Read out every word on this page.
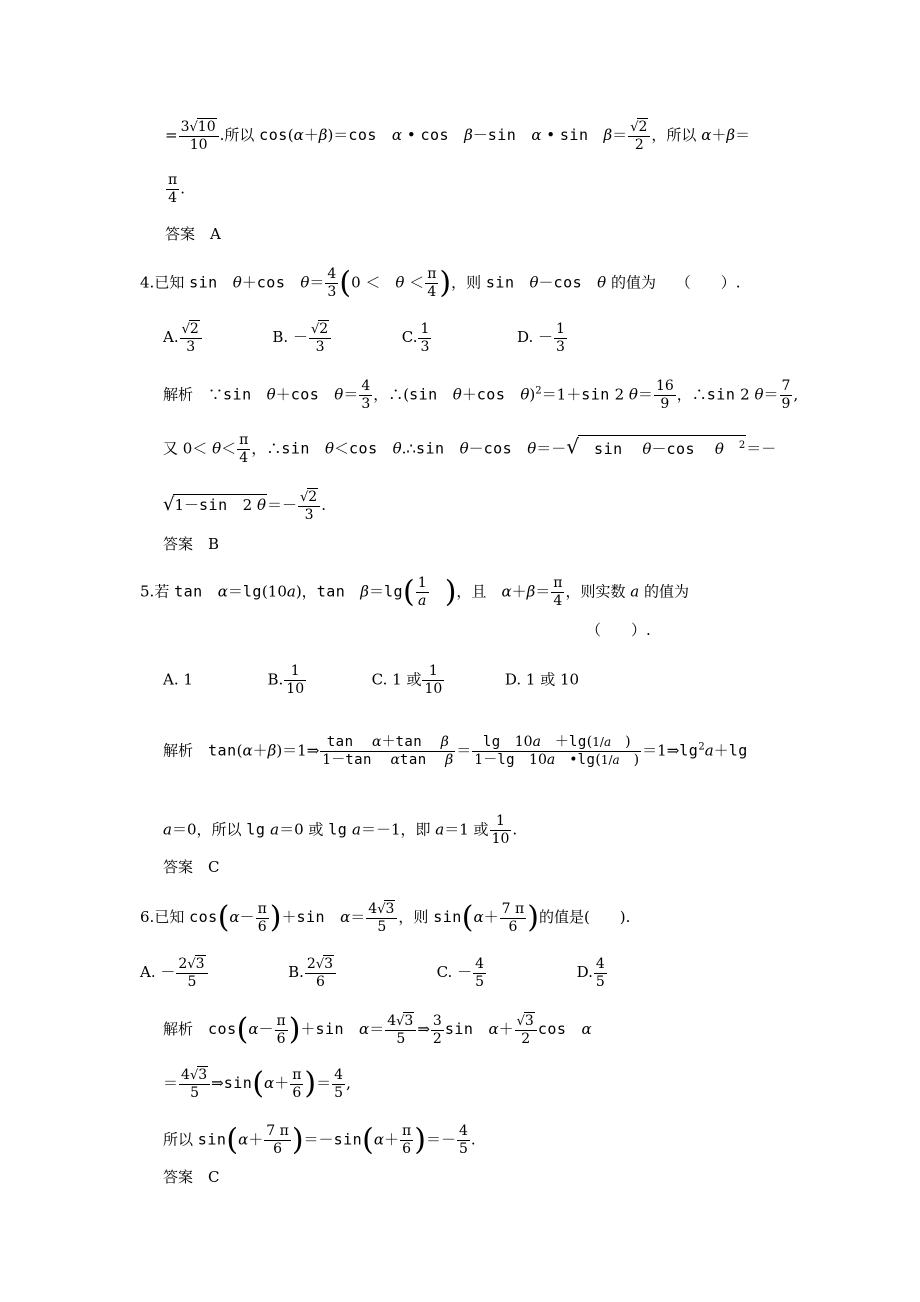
= $\frac{3√10}{10}$ .所以 cos(α＋β)＝cos　 α • cos　 β－sin　 α • sin　 $\beta= \frac{√2}{2}$ ，所以 α＋β＝
$\frac{\pi}{4}$ .
答案　 A
4.已知 sin　 θ＋cos　 $\theta= \frac{4}{3} (0$ ＜　$\theta < \frac{\pi}{4}$ )，则 sin　 θ－cos　 θ 的值为　 （　　）.
A. $\frac{√2}{3}$	B. － $\frac{√2}{3}$	C. $\frac{1}{3}$	D. － $\frac{1}{3}$
解析　∵sin　 θ＋cos　 $\theta= \frac{4}{3}$ ，∴(sin　 θ＋cos　 θ)$^2$＝1＋sin 2 $\theta= \frac{16}{9}$ ，∴sin 2 $\theta= \frac{7}{9}$ ,
又 $0< \theta< \frac{\pi}{4}$ ，∴sin　 θ＜cos　 θ.∴sin　 θ－cos　 θ＝－√　 sin　 θ－cos　 θ　 $^2$＝－
√1－sin　2 $\theta=- \frac{√2}{3}$ .
答案　 B
5.若 tan　 α＝lg(10a)，tan　 $\beta=\lg( \frac{1}{a}$
　 )，且　$\alpha+\beta= \frac{\pi}{4}$ ，则实数 a 的值为
（　　）.
A. 1	B. $\frac{1}{10}$	C. 1 或 $\frac{1}{10}$	D. 1 或 10
解析　 tan(α＋β)＝1⇒ $\frac{\text{tan　 α＋tan　 β}}{\text{1－tan　 αtan　 β}} = \frac{\lg 10a +\lg(1/a )}{1-\lg 10a •\lg(1/a )}$ $=1\Rightarrow\lg^2a+\lg$
a＝0，所以 lg a＝0 或 lg a＝－1，即 a＝1 或 $\frac{1}{10}$ .
答案　 C
6.已知 $\cos(\alpha- \frac{\pi}{6} )+\sin$　 $\alpha= \frac{4√3}{5}$ ，则 $\sin(\alpha+ \frac{7 \pi}{6}$ )的值是(　　).
A. － $\frac{2√3}{5}$	B. $\frac{2√3}{6}$	C. － $\frac{4}{5}$	D. $\frac{4}{5}$
解析　 $\cos(\alpha- \frac{\pi}{6} )+\sin$　 $\alpha= \frac{4√3}{5}$ ⇒ $\frac{3}{2}$ sin　 $\alpha+ \frac{√3}{2}$ cos　 α
＝ $\frac{4√3}{5}$ ⇒sin(α＋ $\frac{\pi}{6}$ )＝ $\frac{4}{5}$ ,
所以 $\sin(\alpha+ \frac{7 \pi}{6} )=-\sin(\alpha+ \frac{\pi}{6}$ )＝－ $\frac{4}{5}$ .
答案　 C
